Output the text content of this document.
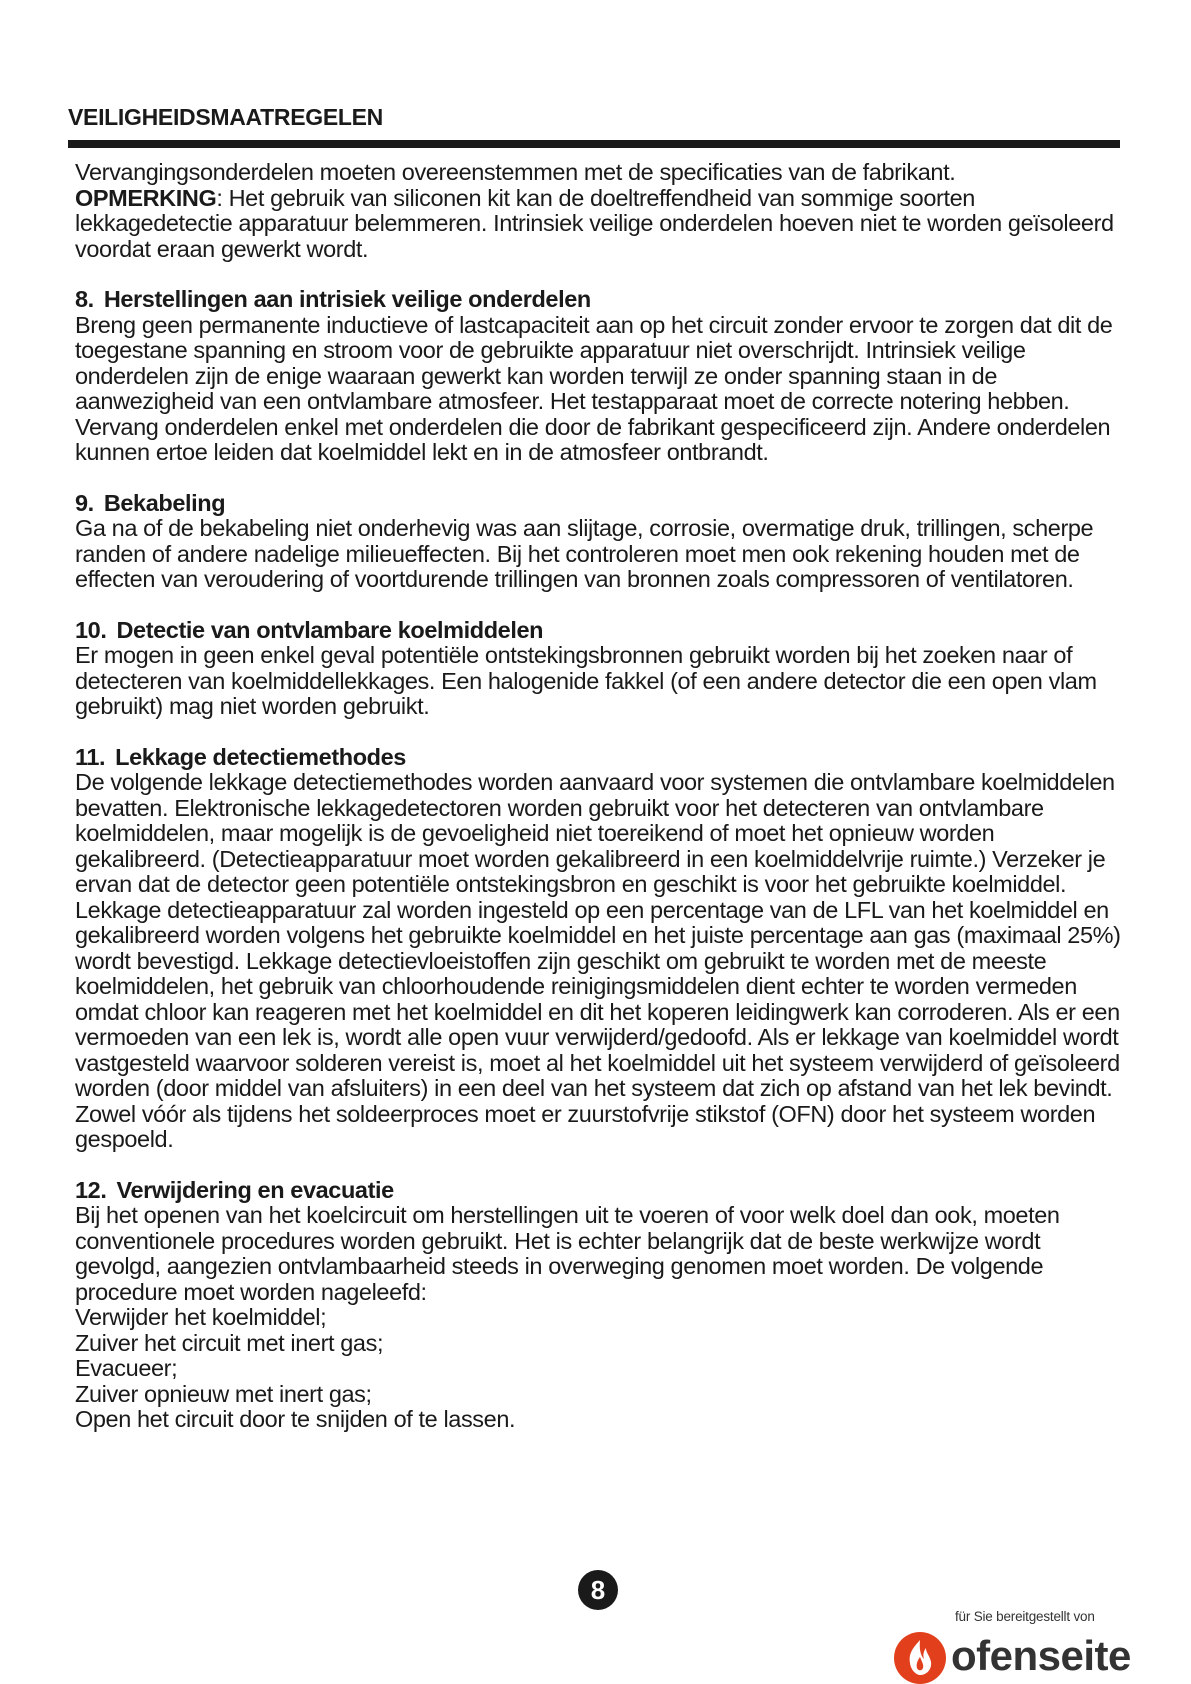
VEILIGHEIDSMAATREGELEN

Vervangingsonderdelen moeten overeenstemmen met de specificaties van de fabrikant.
OPMERKING: Het gebruik van siliconen kit kan de doeltreffendheid van sommige soorten lekkagedetectie apparatuur belemmeren. Intrinsiek veilige onderdelen hoeven niet te worden geïsoleerd voordat eraan gewerkt wordt.

8. Herstellingen aan intrisiek veilige onderdelen

Breng geen permanente inductieve of lastcapaciteit aan op het circuit zonder ervoor te zorgen dat dit de toegestane spanning en stroom voor de gebruikte apparatuur niet overschrijdt. Intrinsiek veilige onderdelen zijn de enige waaraan gewerkt kan worden terwijl ze onder spanning staan in de aanwezigheid van een ontvlambare atmosfeer. Het testapparaat moet de correcte notering hebben. Vervang onderdelen enkel met onderdelen die door de fabrikant gespecificeerd zijn. Andere onderdelen kunnen ertoe leiden dat koelmiddel lekt en in de atmosfeer ontbrandt.

9. Bekabeling

Ga na of de bekabeling niet onderhevig was aan slijtage, corrosie, overmatige druk, trillingen, scherpe randen of andere nadelige milieueffecten. Bij het controleren moet men ook rekening houden met de effecten van veroudering of voortdurende trillingen van bronnen zoals compressoren of ventilatoren.

10. Detectie van ontvlambare koelmiddelen

Er mogen in geen enkel geval potentiële ontstekingsbronnen gebruikt worden bij het zoeken naar of detecteren van koelmiddellekkages. Een halogenide fakkel (of een andere detector die een open vlam gebruikt) mag niet worden gebruikt.

11. Lekkage detectiemethodes

De volgende lekkage detectiemethodes worden aanvaard voor systemen die ontvlambare koelmiddelen bevatten. Elektronische lekkagedetectoren worden gebruikt voor het detecteren van ontvlambare koelmiddelen, maar mogelijk is de gevoeligheid niet toereikend of moet het opnieuw worden gekalibreerd. (Detectieapparatuur moet worden gekalibreerd in een koelmiddelvrije ruimte.) Verzeker je ervan dat de detector geen potentiële ontstekingsbron en geschikt is voor het gebruikte koelmiddel. Lekkage detectieapparatuur zal worden ingesteld op een percentage van de LFL van het koelmiddel en gekalibreerd worden volgens het gebruikte koelmiddel en het juiste percentage aan gas (maximaal 25%) wordt bevestigd. Lekkage detectievloeistoffen zijn geschikt om gebruikt te worden met de meeste koelmiddelen, het gebruik van chloorhoudende reinigingsmiddelen dient echter te worden vermeden omdat chloor kan reageren met het koelmiddel en dit het koperen leidingwerk kan corroderen. Als er een vermoeden van een lek is, wordt alle open vuur verwijderd/gedoofd. Als er lekkage van koelmiddel wordt vastgesteld waarvoor solderen vereist is, moet al het koelmiddel uit het systeem verwijderd of geïsoleerd worden (door middel van afsluiters) in een deel van het systeem dat zich op afstand van het lek bevindt. Zowel vóór als tijdens het soldeerproces moet er zuurstofvrije stikstof (OFN) door het systeem worden gespoeld.

12. Verwijdering en evacuatie

Bij het openen van het koelcircuit om herstellingen uit te voeren of voor welk doel dan ook, moeten conventionele procedures worden gebruikt. Het is echter belangrijk dat de beste werkwijze wordt gevolgd, aangezien ontvlambaarheid steeds in overweging genomen moet worden. De volgende procedure moet worden nageleefd:

Verwijder het koelmiddel;
Zuiver het circuit met inert gas;
Evacueer;
Zuiver opnieuw met inert gas;
Open het circuit door te snijden of te lassen.
8
für Sie bereitgestellt von
ofenseite
